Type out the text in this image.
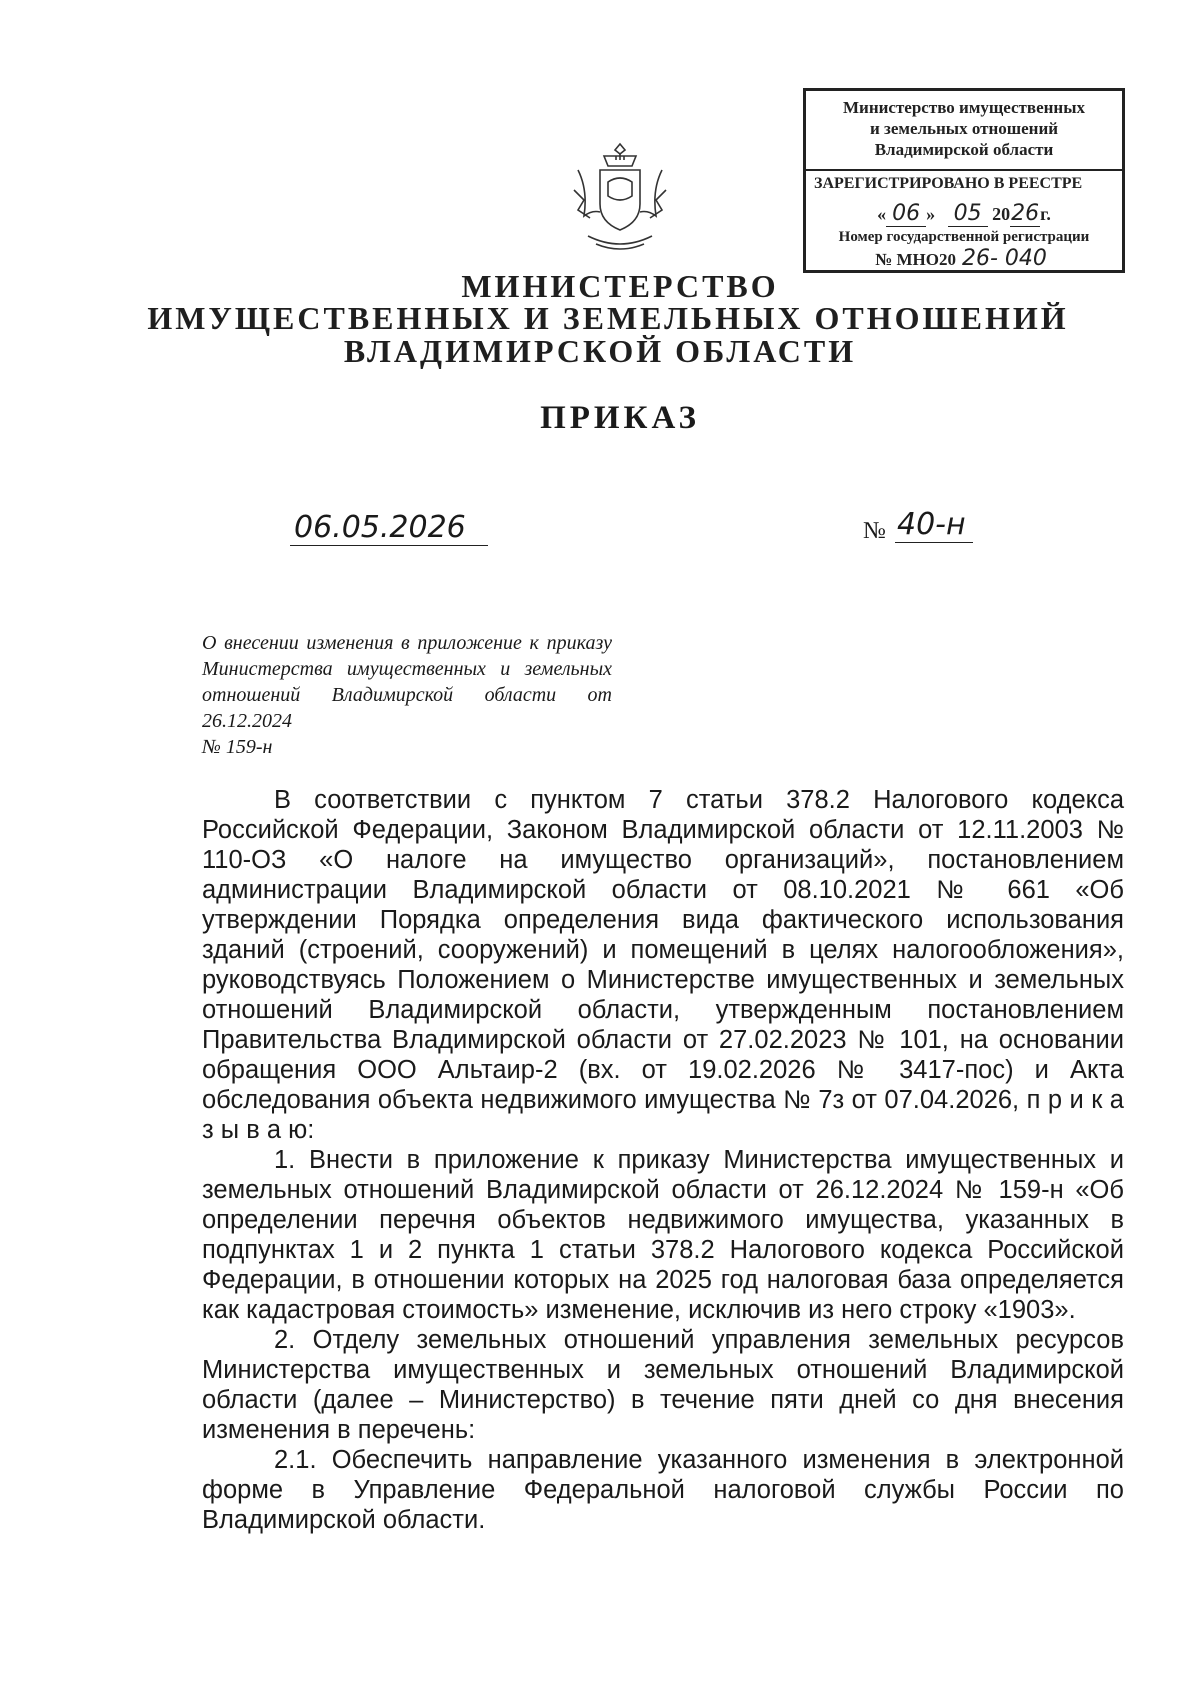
Министерство имущественных
и земельных отношений
Владимирской области
ЗАРЕГИСТРИРОВАНО В РЕЕСТРЕ
« 06 » 05 2026г.
Номер государственной регистрации
№ МНО20 26- 040
МИНИСТЕРСТВО
ИМУЩЕСТВЕННЫХ И ЗЕМЕЛЬНЫХ ОТНОШЕНИЙ
ВЛАДИМИРСКОЙ ОБЛАСТИ
ПРИКАЗ
06.05.2026	№ 40-н
О внесении изменения в приложение к приказу Министерства имущественных и земельных отношений Владимирской области от 26.12.2024
№ 159-н

В соответствии с пунктом 7 статьи 378.2 Налогового кодекса Российской Федерации, Законом Владимирской области от 12.11.2003 № 110-ОЗ «О налоге на имущество организаций», постановлением администрации Владимирской области от 08.10.2021 № 661 «Об утверждении Порядка определения вида фактического использования зданий (строений, сооружений) и помещений в целях налогообложения», руководствуясь Положением о Министерстве имущественных и земельных отношений Владимирской области, утвержденным постановлением Правительства Владимирской области от 27.02.2023 № 101, на основании обращения ООО Альтаир-2 (вх. от 19.02.2026 № 3417-пос) и Акта обследования объекта недвижимого имущества № 7з от 07.04.2026, п р и к а з ы в а ю:

1. Внести в приложение к приказу Министерства имущественных и земельных отношений Владимирской области от 26.12.2024 № 159-н «Об определении перечня объектов недвижимого имущества, указанных в подпунктах 1 и 2 пункта 1 статьи 378.2 Налогового кодекса Российской Федерации, в отношении которых на 2025 год налоговая база определяется как кадастровая стоимость» изменение, исключив из него строку «1903».

2. Отделу земельных отношений управления земельных ресурсов Министерства имущественных и земельных отношений Владимирской области (далее – Министерство) в течение пяти дней со дня внесения изменения в перечень:

2.1. Обеспечить направление указанного изменения в электронной форме в Управление Федеральной налоговой службы России по Владимирской области.
